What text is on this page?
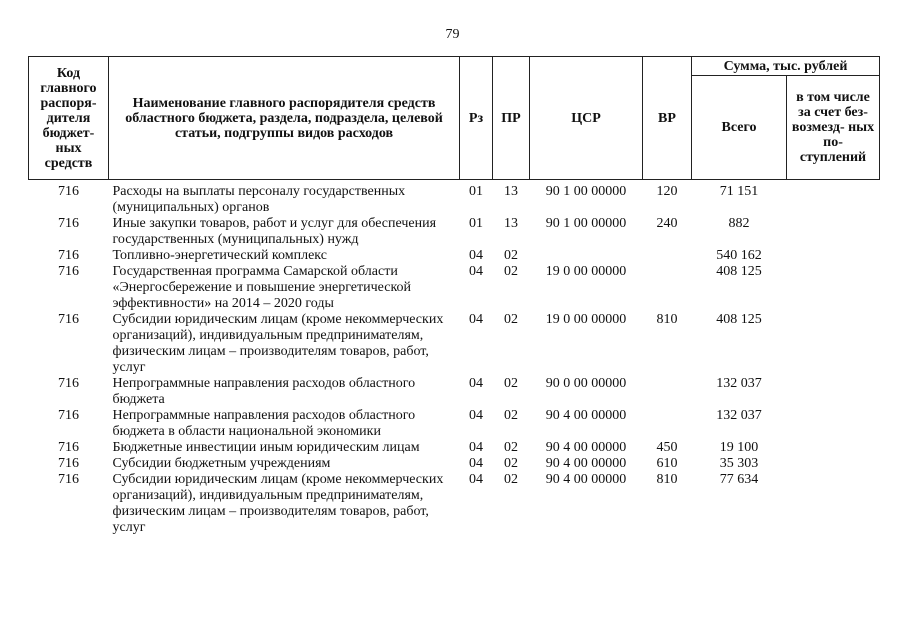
79
Код главного распоря- дителя бюджет- ных средств	Наименование главного распорядителя средств областного бюджета, раздела, подраздела, целевой статьи, подгруппы видов расходов	Рз	ПР	ЦСР	ВР	Сумма, тыс. рублей	
						Всего	в том числе за счет без- возмезд- ных по- ступлений
716	Расходы на выплаты персоналу государственных (муниципальных) органов	01	13	90 1 00 00000	120	71 151	
716	Иные закупки товаров, работ и услуг для обеспечения государственных (муниципальных) нужд	01	13	90 1 00 00000	240	882	
716	Топливно-энергетический комплекс	04	02			540 162	
716	Государственная программа Самарской области «Энергосбережение и повышение энергетической эффективности» на 2014 – 2020 годы	04	02	19 0 00 00000		408 125	
716	Субсидии юридическим лицам (кроме некоммерческих организаций), индивидуальным предпринимателям, физическим лицам – производителям товаров, работ, услуг	04	02	19 0 00 00000	810	408 125	
716	Непрограммные направления расходов областного бюджета	04	02	90 0 00 00000		132 037	
716	Непрограммные направления расходов областного бюджета в области национальной экономики	04	02	90 4 00 00000		132 037	
716	Бюджетные инвестиции иным юридическим лицам	04	02	90 4 00 00000	450	19 100	
716	Субсидии бюджетным учреждениям	04	02	90 4 00 00000	610	35 303	
716	Субсидии юридическим лицам (кроме некоммерческих организаций), индивидуальным предпринимателям, физическим лицам – производителям товаров, работ, услуг	04	02	90 4 00 00000	810	77 634	
